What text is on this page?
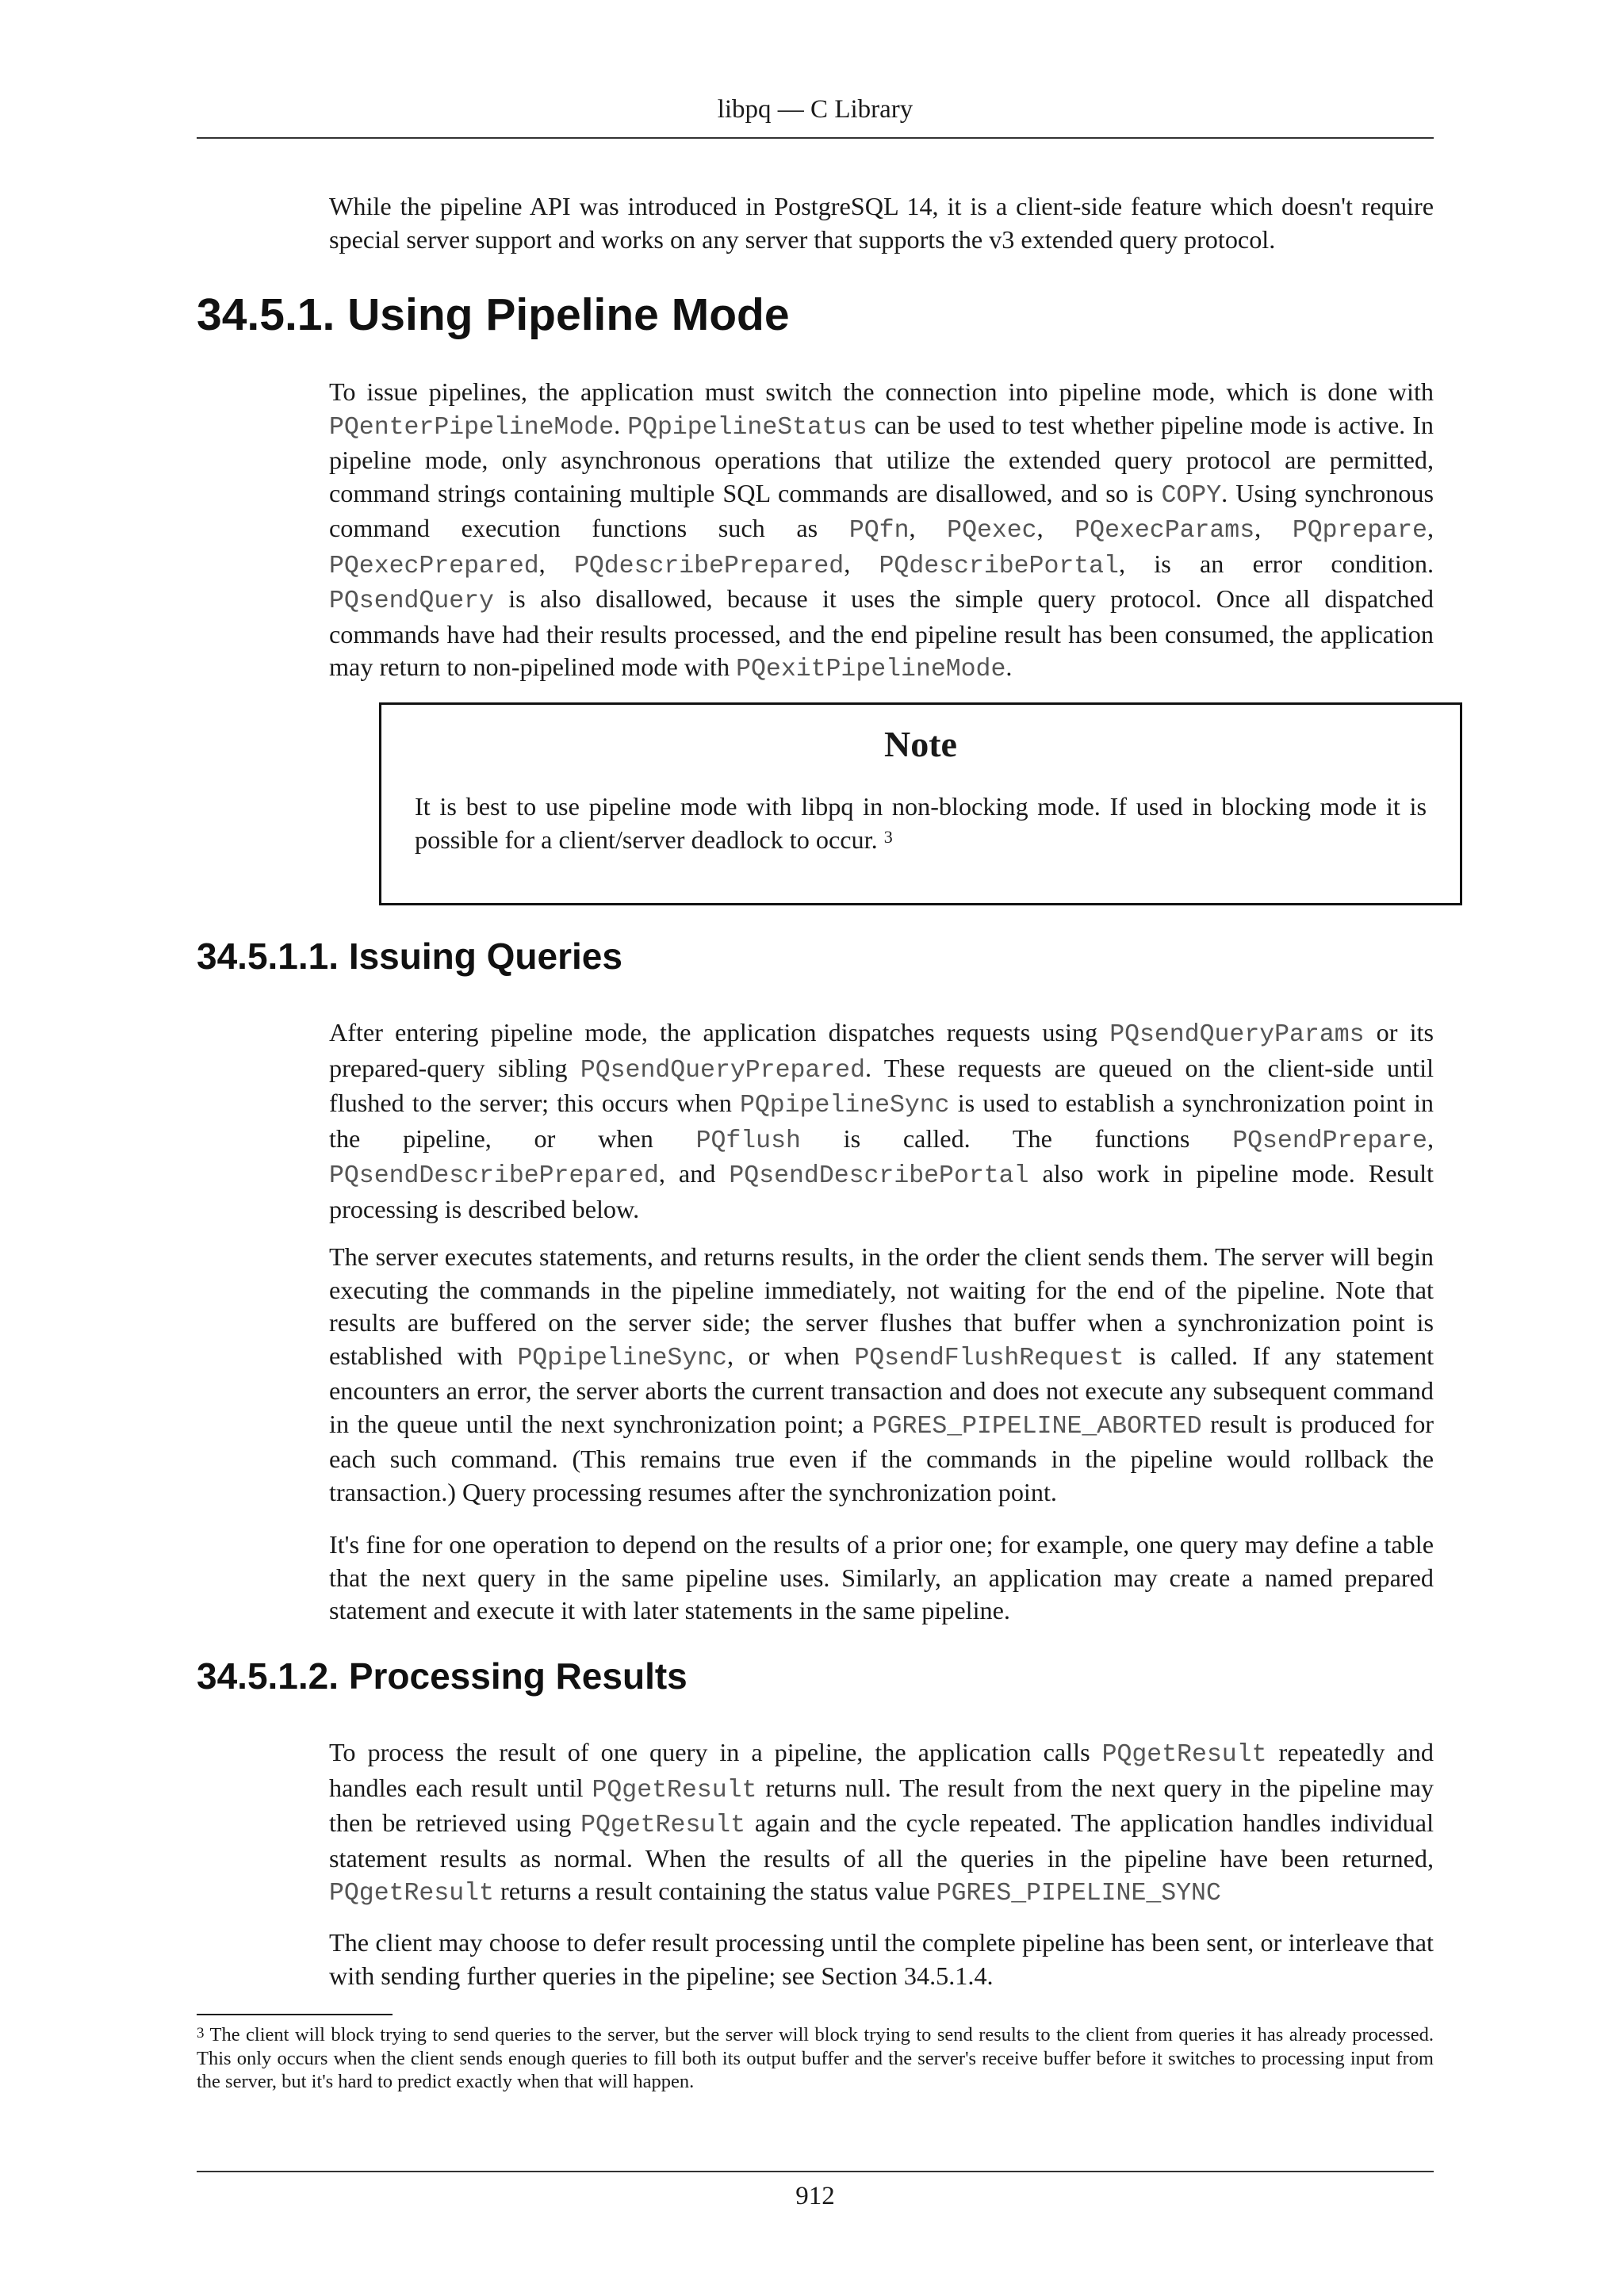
libpq — C Library

While the pipeline API was introduced in PostgreSQL 14, it is a client-side feature which doesn't require special server support and works on any server that supports the v3 extended query protocol.

34.5.1. Using Pipeline Mode

To issue pipelines, the application must switch the connection into pipeline mode, which is done with PQenterPipelineMode. PQpipelineStatus can be used to test whether pipeline mode is active. In pipeline mode, only asynchronous operations that utilize the extended query protocol are permitted, command strings containing multiple SQL commands are disallowed, and so is COPY. Using synchronous command execution functions such as PQfn, PQexec, PQexecParams, PQprepare, PQexecPrepared, PQdescribePrepared, PQdescribePortal, is an error condition. PQsendQuery is also disallowed, because it uses the simple query protocol. Once all dispatched commands have had their results processed, and the end pipeline result has been consumed, the application may return to non-pipelined mode with PQexitPipelineMode.

Note

It is best to use pipeline mode with libpq in non-blocking mode. If used in blocking mode it is possible for a client/server deadlock to occur. $^3$

34.5.1.1. Issuing Queries

After entering pipeline mode, the application dispatches requests using PQsendQueryParams or its prepared-query sibling PQsendQueryPrepared. These requests are queued on the client-side until flushed to the server; this occurs when PQpipelineSync is used to establish a synchronization point in the pipeline, or when PQflush is called. The functions PQsendPrepare, PQsendDescribePrepared, and PQsendDescribePortal also work in pipeline mode. Result processing is described below.

The server executes statements, and returns results, in the order the client sends them. The server will begin executing the commands in the pipeline immediately, not waiting for the end of the pipeline. Note that results are buffered on the server side; the server flushes that buffer when a synchronization point is established with PQpipelineSync, or when PQsendFlushRequest is called. If any statement encounters an error, the server aborts the current transaction and does not execute any subsequent command in the queue until the next synchronization point; a PGRES_PIPELINE_ABORTED result is produced for each such command. (This remains true even if the commands in the pipeline would rollback the transaction.) Query processing resumes after the synchronization point.

It's fine for one operation to depend on the results of a prior one; for example, one query may define a table that the next query in the same pipeline uses. Similarly, an application may create a named prepared statement and execute it with later statements in the same pipeline.

34.5.1.2. Processing Results

To process the result of one query in a pipeline, the application calls PQgetResult repeatedly and handles each result until PQgetResult returns null. The result from the next query in the pipeline may then be retrieved using PQgetResult again and the cycle repeated. The application handles individual statement results as normal. When the results of all the queries in the pipeline have been returned, PQgetResult returns a result containing the status value PGRES_PIPELINE_SYNC

The client may choose to defer result processing until the complete pipeline has been sent, or interleave that with sending further queries in the pipeline; see Section 34.5.1.4.

$^3$ The client will block trying to send queries to the server, but the server will block trying to send results to the client from queries it has already processed. This only occurs when the client sends enough queries to fill both its output buffer and the server's receive buffer before it switches to processing input from the server, but it's hard to predict exactly when that will happen.

912
